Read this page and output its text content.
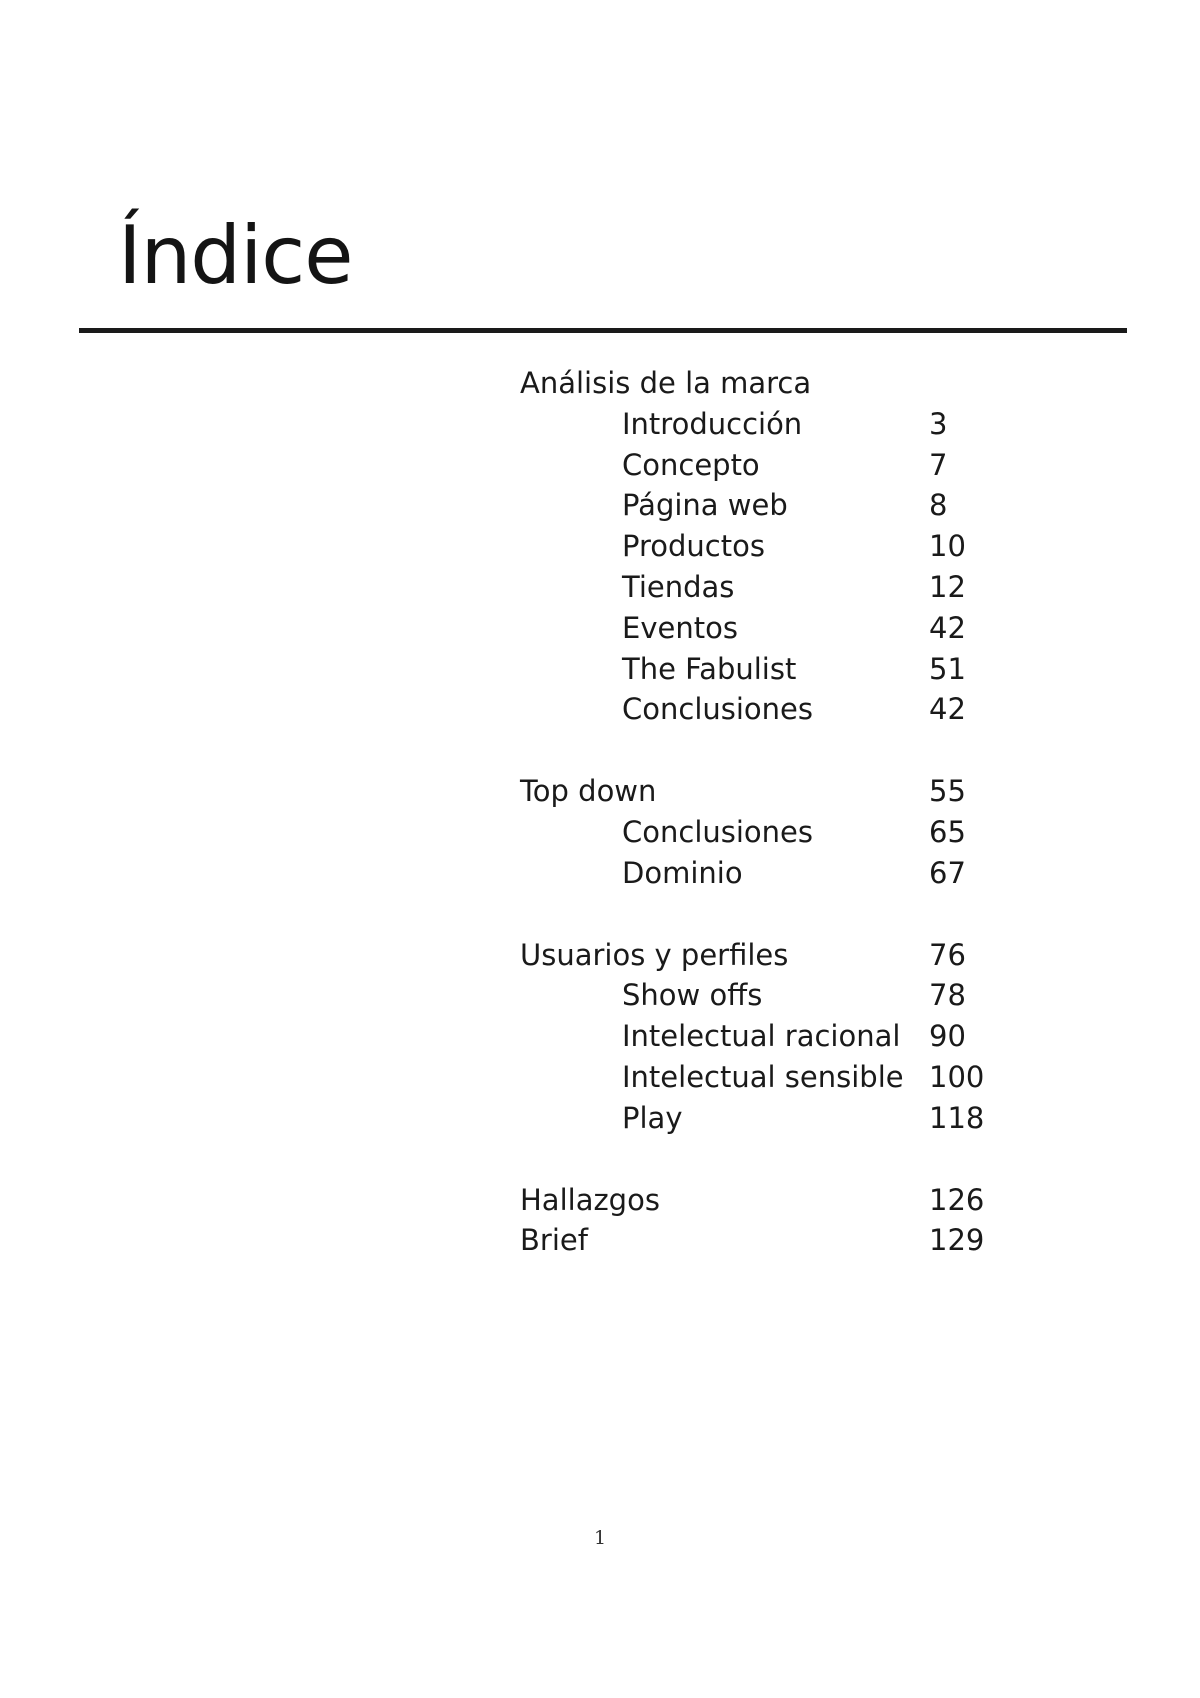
Índice
Análisis de la marca
Introducción	3
Concepto	7
Página web	8
Productos	10
Tiendas	12
Eventos	42
The Fabulist	51
Conclusiones	42
Top down	55
Conclusiones	65
Dominio	67
Usuarios y perfiles	76
Show offs	78
Intelectual racional 90
Intelectual sensible 100
Play	118
Hallazgos	126
Brief	129

1
